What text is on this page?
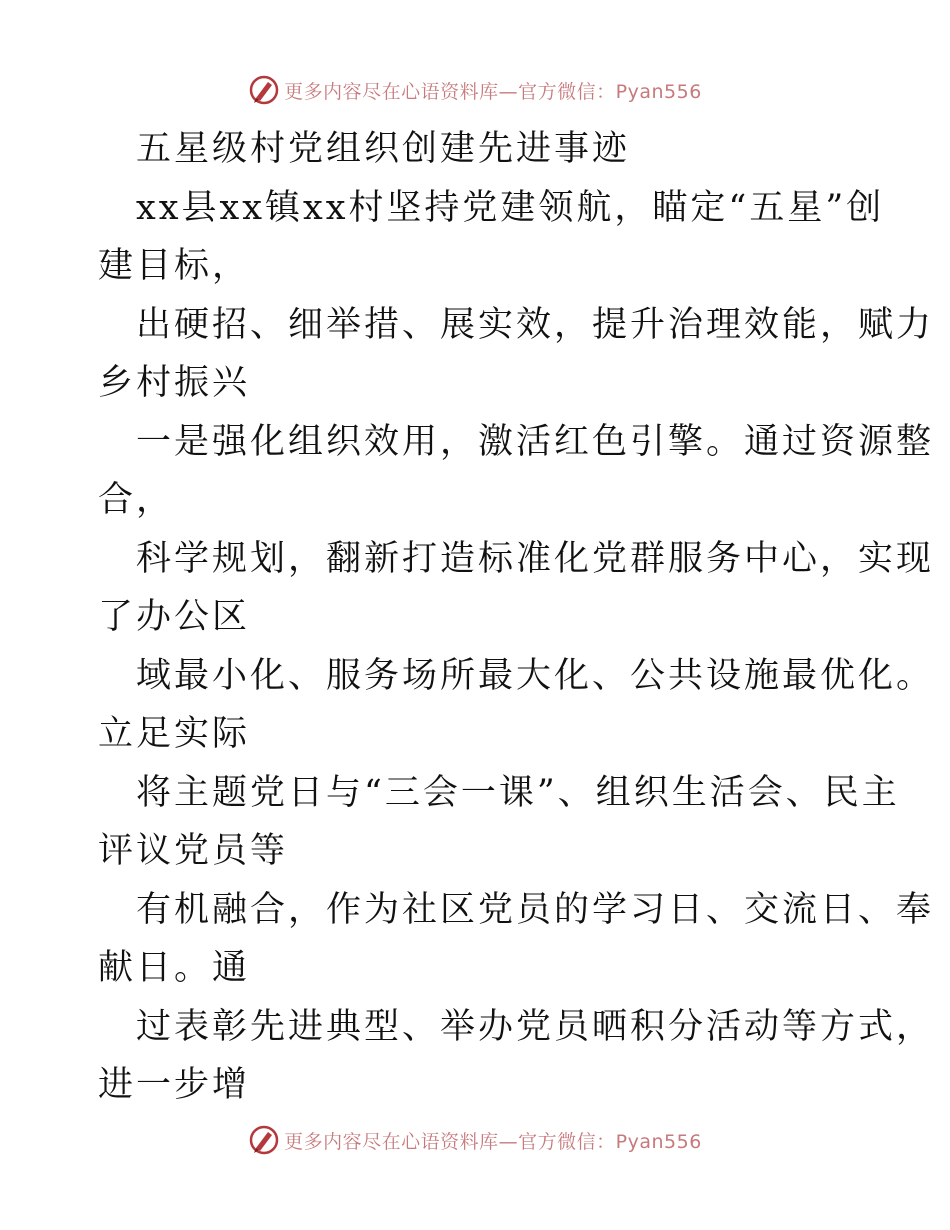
更多内容尽在心语资料库—官方微信：Pyan556

五星级村党组织创建先进事迹

xx县xx镇xx村坚持党建领航，瞄定“五星”创
建目标，

出硬招、细举措、展实效，提升治理效能，赋力
乡村振兴

一是强化组织效用，激活红色引擎。通过资源整
合，

科学规划，翻新打造标准化党群服务中心，实现
了办公区

域最小化、服务场所最大化、公共设施最优化。
立足实际

将主题党日与“三会一课”、组织生活会、民主
评议党员等

有机融合，作为社区党员的学习日、交流日、奉
献日。通

过表彰先进典型、举办党员晒积分活动等方式，
进一步增

更多内容尽在心语资料库—官方微信：Pyan556
